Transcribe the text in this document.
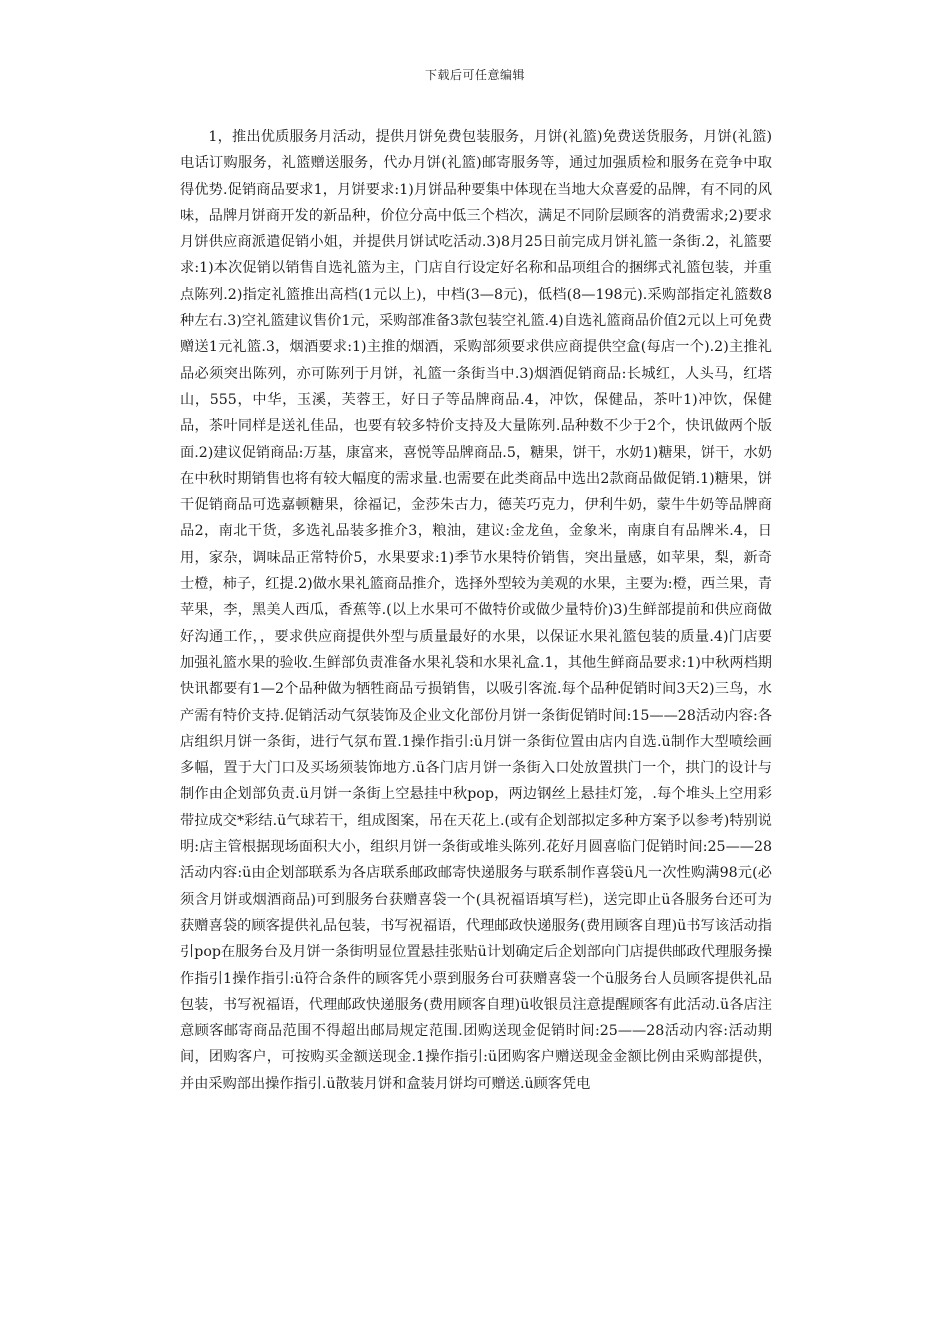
下载后可任意编辑

1，推出优质服务月活动，提供月饼免费包装服务，月饼(礼篮)免费送货服务，月饼(礼篮)电话订购服务，礼篮赠送服务，代办月饼(礼篮)邮寄服务等，通过加强质检和服务在竞争中取得优势.促销商品要求1，月饼要求:1)月饼品种要集中体现在当地大众喜爱的品牌，有不同的风味，品牌月饼商开发的新品种，价位分高中低三个档次，满足不同阶层顾客的消费需求;2)要求月饼供应商派遣促销小姐，并提供月饼试吃活动.3)8月25日前完成月饼礼篮一条街.2，礼篮要求:1)本次促销以销售自选礼篮为主，门店自行设定好名称和品项组合的捆绑式礼篮包装，并重点陈列.2)指定礼篮推出高档(1元以上)，中档(3—8元)，低档(8—198元).采购部指定礼篮数8种左右.3)空礼篮建议售价1元，采购部准备3款包装空礼篮.4)自选礼篮商品价值2元以上可免费赠送1元礼篮.3，烟酒要求:1)主推的烟酒，采购部须要求供应商提供空盒(每店一个).2)主推礼品必须突出陈列，亦可陈列于月饼，礼篮一条街当中.3)烟酒促销商品:长城红，人头马，红塔山，555，中华，玉溪，芙蓉王，好日子等品牌商品.4，冲饮，保健品，茶叶1)冲饮，保健品，茶叶同样是送礼佳品，也要有较多特价支持及大量陈列.品种数不少于2个，快讯做两个版面.2)建议促销商品:万基，康富来，喜悦等品牌商品.5，糖果，饼干，水奶1)糖果，饼干，水奶在中秋时期销售也将有较大幅度的需求量.也需要在此类商品中选出2款商品做促销.1)糖果，饼干促销商品可选嘉顿糖果，徐福记，金莎朱古力，德芙巧克力，伊利牛奶，蒙牛牛奶等品牌商品2，南北干货，多选礼品装多推介3，粮油，建议:金龙鱼，金象米，南康自有品牌米.4，日用，家杂，调味品正常特价5，水果要求:1)季节水果特价销售，突出量感，如苹果，梨，新奇士橙，柿子，红提.2)做水果礼篮商品推介，选择外型较为美观的水果，主要为:橙，西兰果，青苹果，李，黑美人西瓜，香蕉等.(以上水果可不做特价或做少量特价)3)生鲜部提前和供应商做好沟通工作，，要求供应商提供外型与质量最好的水果，以保证水果礼篮包装的质量.4)门店要加强礼篮水果的验收.生鲜部负责准备水果礼袋和水果礼盒.1，其他生鲜商品要求:1)中秋两档期快讯都要有1—2个品种做为牺牲商品亏损销售，以吸引客流.每个品种促销时间3天2)三鸟，水产需有特价支持.促销活动气氛装饰及企业文化部份月饼一条街促销时间:15——28活动内容:各店组织月饼一条街，进行气氛布置.1操作指引:ü月饼一条街位置由店内自选.ü制作大型喷绘画多幅，置于大门口及买场须装饰地方.ü各门店月饼一条街入口处放置拱门一个，拱门的设计与制作由企划部负责.ü月饼一条街上空悬挂中秋pop，两边钢丝上悬挂灯笼，.每个堆头上空用彩带拉成交*彩结.ü气球若干，组成图案，吊在天花上.(或有企划部拟定多种方案予以参考)特别说明:店主管根据现场面积大小，组织月饼一条街或堆头陈列.花好月圆喜临门促销时间:25——28活动内容:ü由企划部联系为各店联系邮政邮寄快递服务与联系制作喜袋ü凡一次性购满98元(必须含月饼或烟酒商品)可到服务台获赠喜袋一个(具祝福语填写栏)，送完即止ü各服务台还可为获赠喜袋的顾客提供礼品包装，书写祝福语，代理邮政快递服务(费用顾客自理)ü书写该活动指引pop在服务台及月饼一条街明显位置悬挂张贴ü计划确定后企划部向门店提供邮政代理服务操作指引1操作指引:ü符合条件的顾客凭小票到服务台可获赠喜袋一个ü服务台人员顾客提供礼品包装，书写祝福语，代理邮政快递服务(费用顾客自理)ü收银员注意提醒顾客有此活动.ü各店注意顾客邮寄商品范围不得超出邮局规定范围.团购送现金促销时间:25——28活动内容:活动期间，团购客户，可按购买金额送现金.1操作指引:ü团购客户赠送现金金额比例由采购部提供，并由采购部出操作指引.ü散装月饼和盒装月饼均可赠送.ü顾客凭电
